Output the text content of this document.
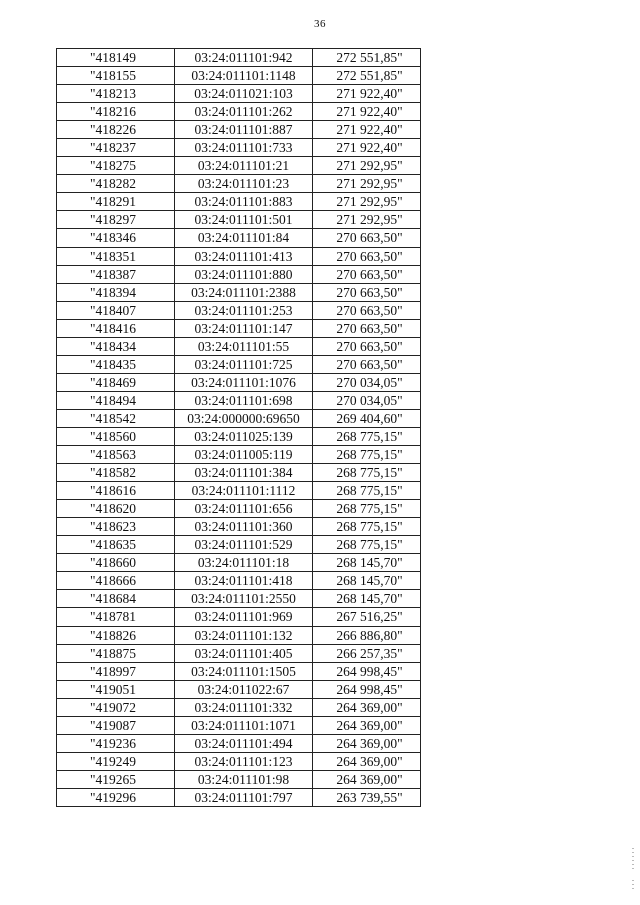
36
"418149	03:24:011101:942	272 551,85"
"418155	03:24:011101:1148	272 551,85"
"418213	03:24:011021:103	271 922,40"
"418216	03:24:011101:262	271 922,40"
"418226	03:24:011101:887	271 922,40"
"418237	03:24:011101:733	271 922,40"
"418275	03:24:011101:21	271 292,95"
"418282	03:24:011101:23	271 292,95"
"418291	03:24:011101:883	271 292,95"
"418297	03:24:011101:501	271 292,95"
"418346	03:24:011101:84	270 663,50"
"418351	03:24:011101:413	270 663,50"
"418387	03:24:011101:880	270 663,50"
"418394	03:24:011101:2388	270 663,50"
"418407	03:24:011101:253	270 663,50"
"418416	03:24:011101:147	270 663,50"
"418434	03:24:011101:55	270 663,50"
"418435	03:24:011101:725	270 663,50"
"418469	03:24:011101:1076	270 034,05"
"418494	03:24:011101:698	270 034,05"
"418542	03:24:000000:69650	269 404,60"
"418560	03:24:011025:139	268 775,15"
"418563	03:24:011005:119	268 775,15"
"418582	03:24:011101:384	268 775,15"
"418616	03:24:011101:1112	268 775,15"
"418620	03:24:011101:656	268 775,15"
"418623	03:24:011101:360	268 775,15"
"418635	03:24:011101:529	268 775,15"
"418660	03:24:011101:18	268 145,70"
"418666	03:24:011101:418	268 145,70"
"418684	03:24:011101:2550	268 145,70"
"418781	03:24:011101:969	267 516,25"
"418826	03:24:011101:132	266 886,80"
"418875	03:24:011101:405	266 257,35"
"418997	03:24:011101:1505	264 998,45"
"419051	03:24:011022:67	264 998,45"
"419072	03:24:011101:332	264 369,00"
"419087	03:24:011101:1071	264 369,00"
"419236	03:24:011101:494	264 369,00"
"419249	03:24:011101:123	264 369,00"
"419265	03:24:011101:98	264 369,00"
"419296	03:24:011101:797	263 739,55"
